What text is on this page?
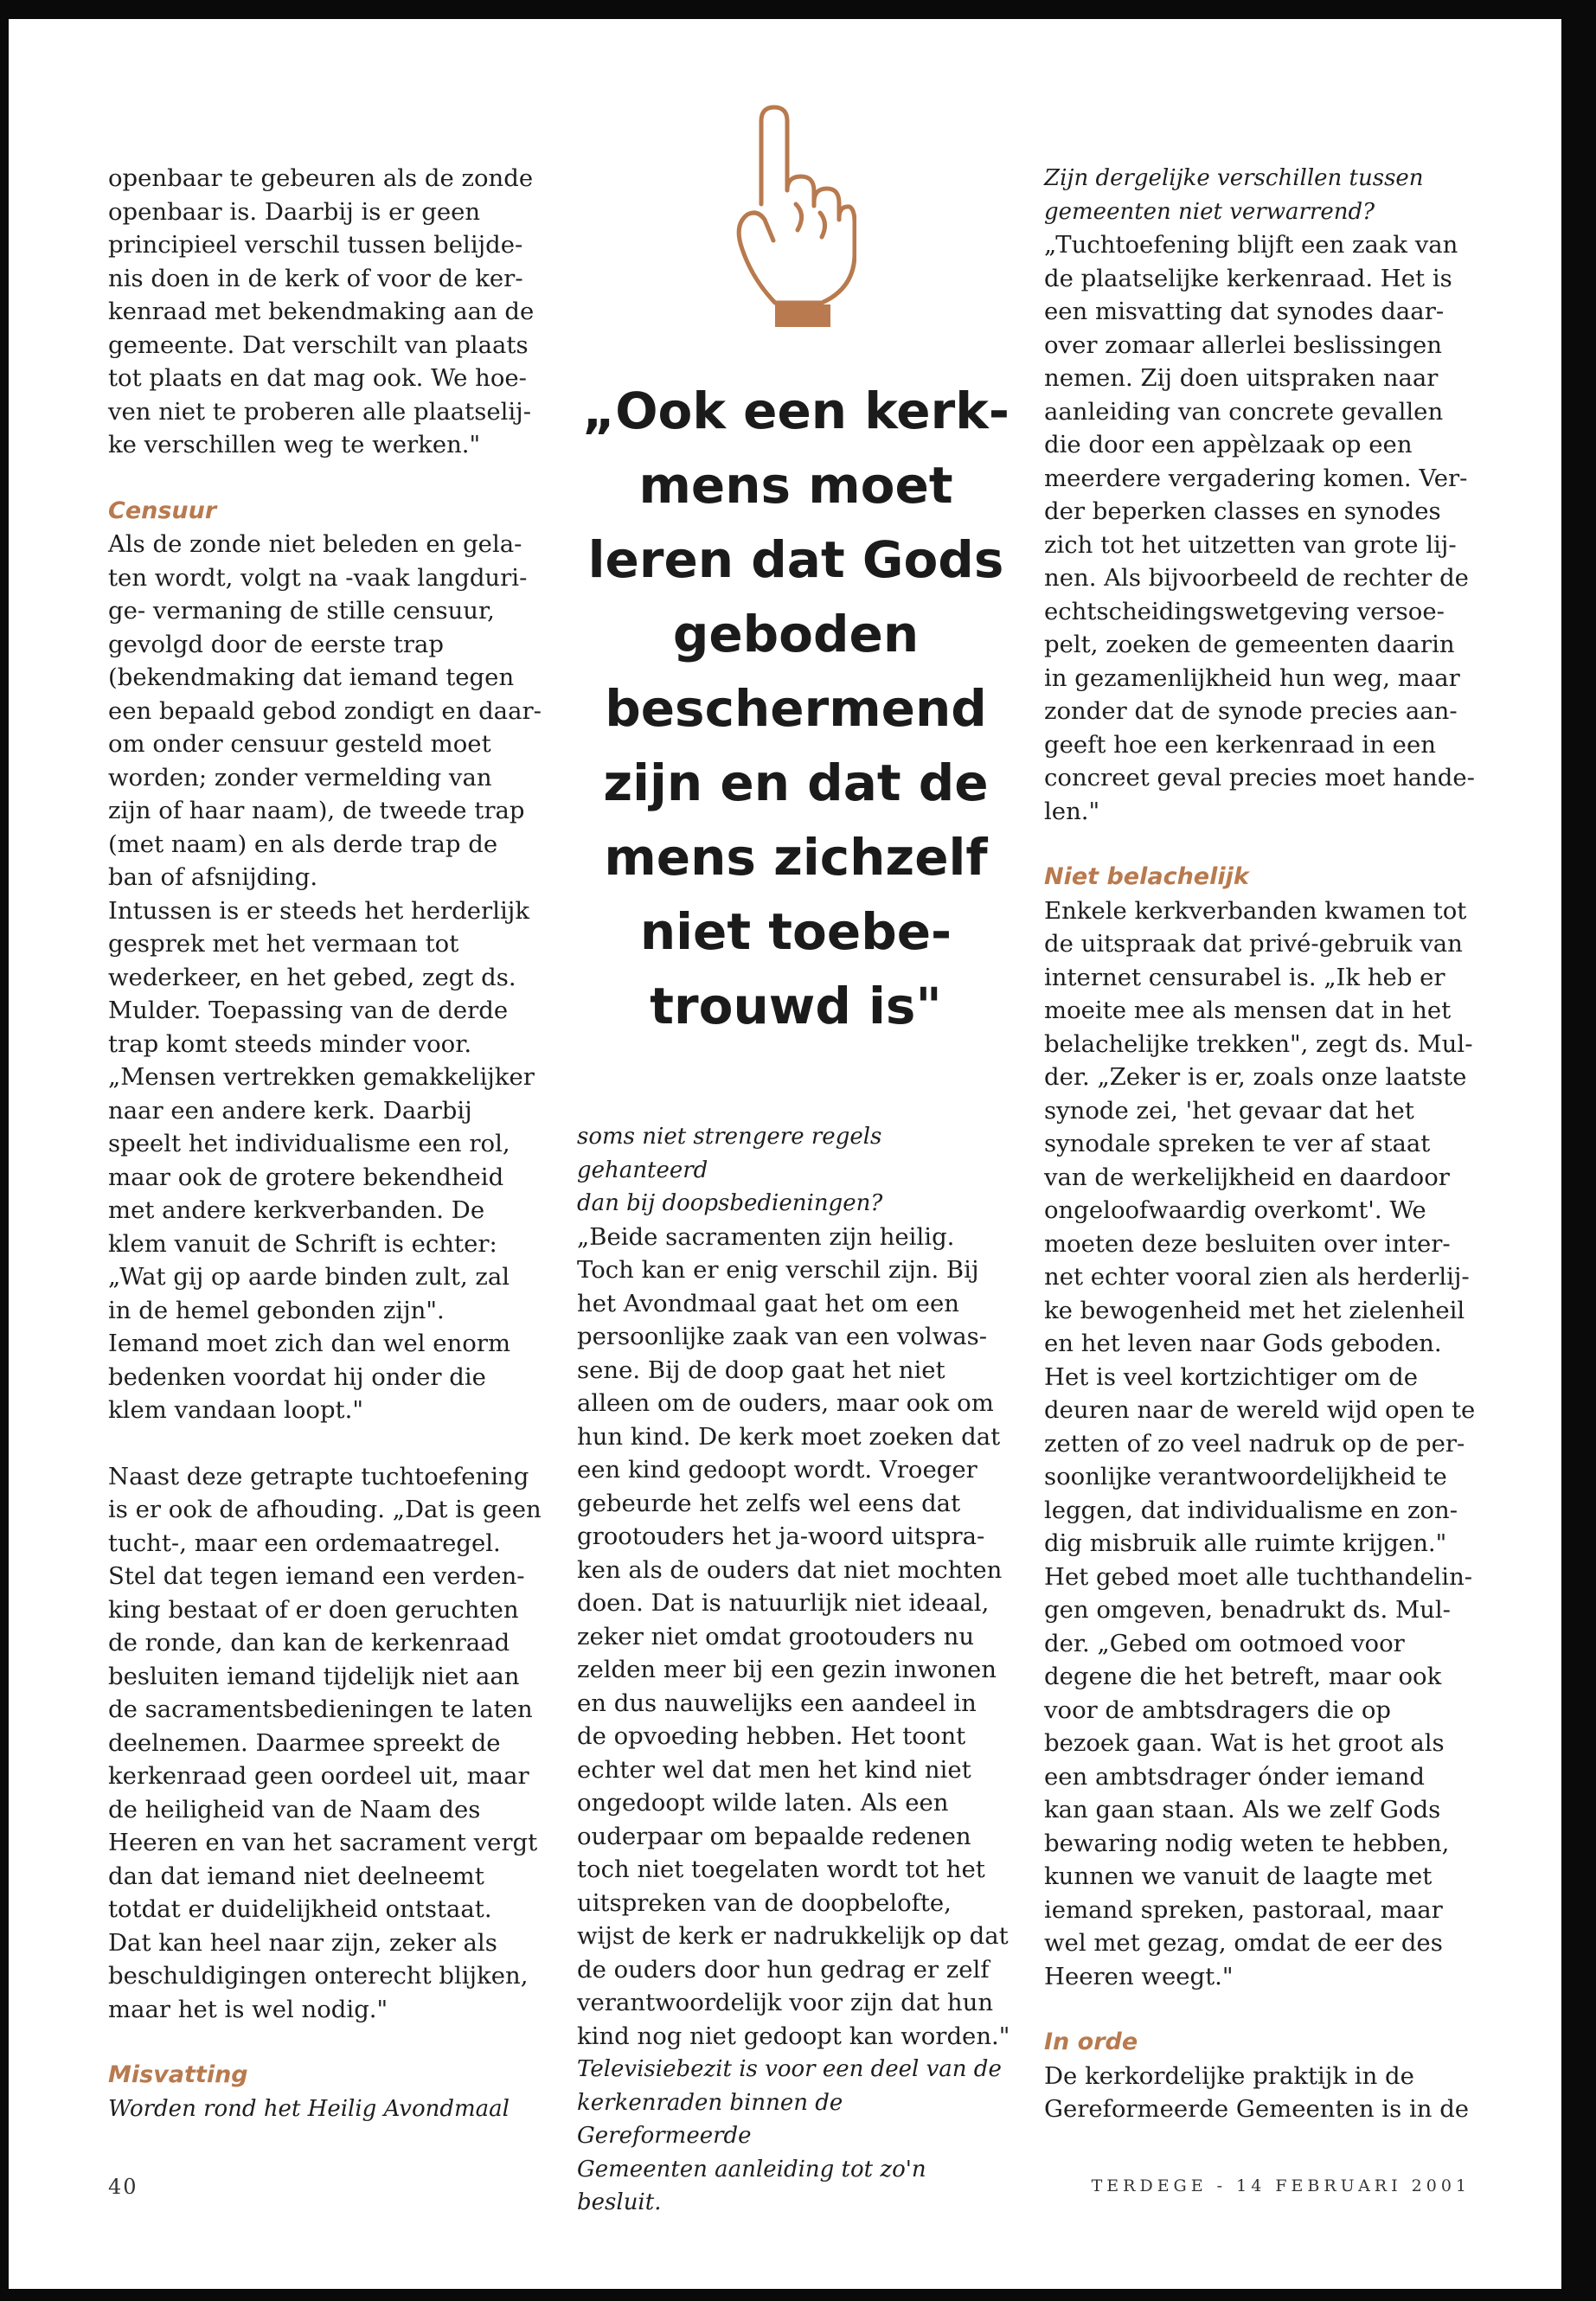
openbaar te gebeuren als de zonde
openbaar is. Daarbij is er geen
principieel verschil tussen belijde-
nis doen in de kerk of voor de ker-
kenraad met bekendmaking aan de
gemeente. Dat verschilt van plaats
tot plaats en dat mag ook. We hoe-
ven niet te proberen alle plaatselij-
ke verschillen weg te werken."

Censuur

Als de zonde niet beleden en gela-
ten wordt, volgt na -vaak langduri-
ge- vermaning de stille censuur,
gevolgd door de eerste trap
(bekendmaking dat iemand tegen
een bepaald gebod zondigt en daar-
om onder censuur gesteld moet
worden; zonder vermelding van
zijn of haar naam), de tweede trap
(met naam) en als derde trap de
ban of afsnijding.
Intussen is er steeds het herderlijk
gesprek met het vermaan tot
wederkeer, en het gebed, zegt ds.
Mulder. Toepassing van de derde
trap komt steeds minder voor.
„Mensen vertrekken gemakkelijker
naar een andere kerk. Daarbij
speelt het individualisme een rol,
maar ook de grotere bekendheid
met andere kerkverbanden. De
klem vanuit de Schrift is echter:
„Wat gij op aarde binden zult, zal
in de hemel gebonden zijn".
Iemand moet zich dan wel enorm
bedenken voordat hij onder die
klem vandaan loopt."

Naast deze getrapte tuchtoefening
is er ook de afhouding. „Dat is geen
tucht-, maar een ordemaatregel.
Stel dat tegen iemand een verden-
king bestaat of er doen geruchten
de ronde, dan kan de kerkenraad
besluiten iemand tijdelijk niet aan
de sacramentsbedieningen te laten
deelnemen. Daarmee spreekt de
kerkenraad geen oordeel uit, maar
de heiligheid van de Naam des
Heeren en van het sacrament vergt
dan dat iemand niet deelneemt
totdat er duidelijkheid ontstaat.
Dat kan heel naar zijn, zeker als
beschuldigingen onterecht blijken,
maar het is wel nodig."

Misvatting

Worden rond het Heilig Avondmaal

„Ook een kerk-
mens moet
leren dat Gods
geboden
beschermend
zijn en dat de
mens zichzelf
niet toebe-
trouwd is"

soms niet strengere regels gehanteerd
dan bij doopsbedieningen?

„Beide sacramenten zijn heilig.
Toch kan er enig verschil zijn. Bij
het Avondmaal gaat het om een
persoonlijke zaak van een volwas-
sene. Bij de doop gaat het niet
alleen om de ouders, maar ook om
hun kind. De kerk moet zoeken dat
een kind gedoopt wordt. Vroeger
gebeurde het zelfs wel eens dat
grootouders het ja-woord uitspra-
ken als de ouders dat niet mochten
doen. Dat is natuurlijk niet ideaal,
zeker niet omdat grootouders nu
zelden meer bij een gezin inwonen
en dus nauwelijks een aandeel in
de opvoeding hebben. Het toont
echter wel dat men het kind niet
ongedoopt wilde laten. Als een
ouderpaar om bepaalde redenen
toch niet toegelaten wordt tot het
uitspreken van de doopbelofte,
wijst de kerk er nadrukkelijk op dat
de ouders door hun gedrag er zelf
verantwoordelijk voor zijn dat hun
kind nog niet gedoopt kan worden."

Televisiebezit is voor een deel van de
kerkenraden binnen de Gereformeerde
Gemeenten aanleiding tot zo'n besluit.

Zijn dergelijke verschillen tussen
gemeenten niet verwarrend?

„Tuchtoefening blijft een zaak van
de plaatselijke kerkenraad. Het is
een misvatting dat synodes daar-
over zomaar allerlei beslissingen
nemen. Zij doen uitspraken naar
aanleiding van concrete gevallen
die door een appèlzaak op een
meerdere vergadering komen. Ver-
der beperken classes en synodes
zich tot het uitzetten van grote lij-
nen. Als bijvoorbeeld de rechter de
echtscheidingswetgeving versoe-
pelt, zoeken de gemeenten daarin
in gezamenlijkheid hun weg, maar
zonder dat de synode precies aan-
geeft hoe een kerkenraad in een
concreet geval precies moet hande-
len."

Niet belachelijk

Enkele kerkverbanden kwamen tot
de uitspraak dat privé-gebruik van
internet censurabel is. „Ik heb er
moeite mee als mensen dat in het
belachelijke trekken", zegt ds. Mul-
der. „Zeker is er, zoals onze laatste
synode zei, 'het gevaar dat het
synodale spreken te ver af staat
van de werkelijkheid en daardoor
ongeloofwaardig overkomt'. We
moeten deze besluiten over inter-
net echter vooral zien als herderlij-
ke bewogenheid met het zielenheil
en het leven naar Gods geboden.
Het is veel kortzichtiger om de
deuren naar de wereld wijd open te
zetten of zo veel nadruk op de per-
soonlijke verantwoordelijkheid te
leggen, dat individualisme en zon-
dig misbruik alle ruimte krijgen."
Het gebed moet alle tuchthandelin-
gen omgeven, benadrukt ds. Mul-
der. „Gebed om ootmoed voor
degene die het betreft, maar ook
voor de ambtsdragers die op
bezoek gaan. Wat is het groot als
een ambtsdrager ónder iemand
kan gaan staan. Als we zelf Gods
bewaring nodig weten te hebben,
kunnen we vanuit de laagte met
iemand spreken, pastoraal, maar
wel met gezag, omdat de eer des
Heeren weegt."

In orde

De kerkordelijke praktijk in de
Gereformeerde Gemeenten is in de

40	TERDEGE - 14 FEBRUARI 2001
